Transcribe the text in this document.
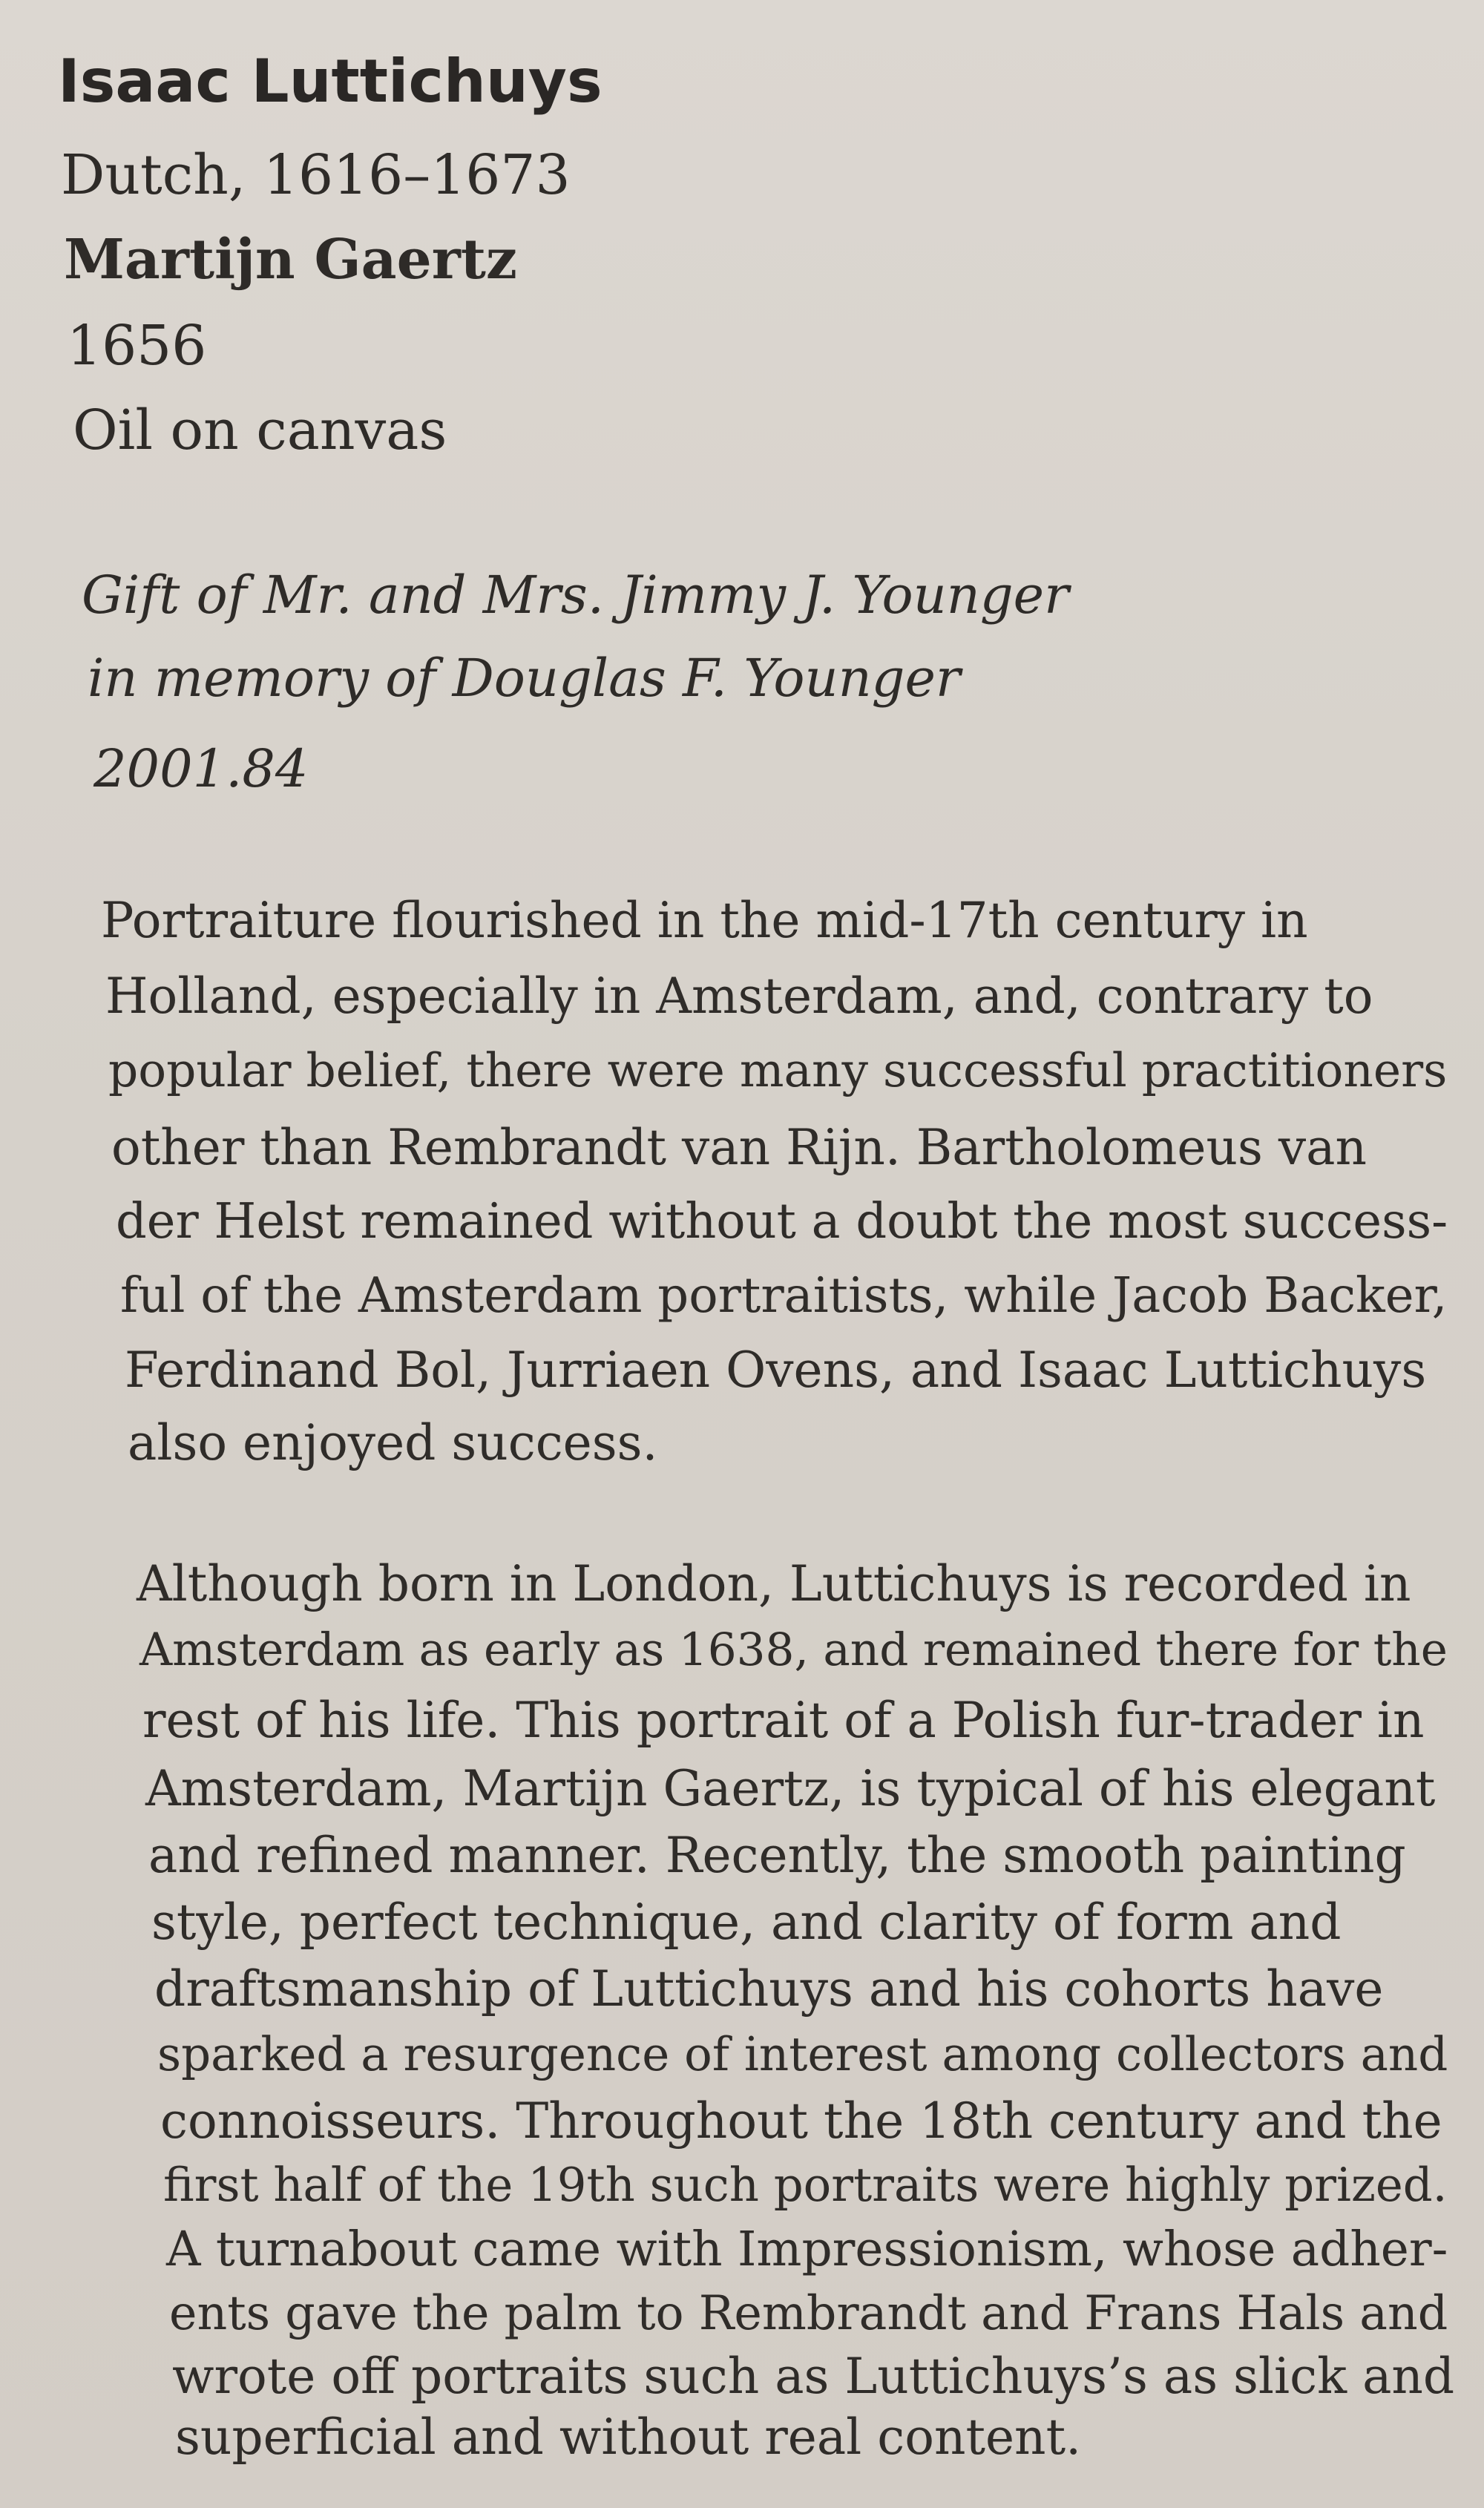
Isaac Luttichuys

Dutch, 1616–1673

Martijn Gaertz

1656

Oil on canvas

Gift of Mr. and Mrs. Jimmy J. Younger

in memory of Douglas F. Younger

2001.84

Portraiture flourished in the mid-17th century in

Holland, especially in Amsterdam, and, contrary to

popular belief, there were many successful practitioners

other than Rembrandt van Rijn. Bartholomeus van

der Helst remained without a doubt the most success-

ful of the Amsterdam portraitists, while Jacob Backer,

Ferdinand Bol, Jurriaen Ovens, and Isaac Luttichuys

also enjoyed success.

Although born in London, Luttichuys is recorded in

Amsterdam as early as 1638, and remained there for the

rest of his life. This portrait of a Polish fur-trader in

Amsterdam, Martijn Gaertz, is typical of his elegant

and refined manner. Recently, the smooth painting

style, perfect technique, and clarity of form and

draftsmanship of Luttichuys and his cohorts have

sparked a resurgence of interest among collectors and

connoisseurs. Throughout the 18th century and the

first half of the 19th such portraits were highly prized.

A turnabout came with Impressionism, whose adher-

ents gave the palm to Rembrandt and Frans Hals and

wrote off portraits such as Luttichuys’s as slick and

superficial and without real content.
